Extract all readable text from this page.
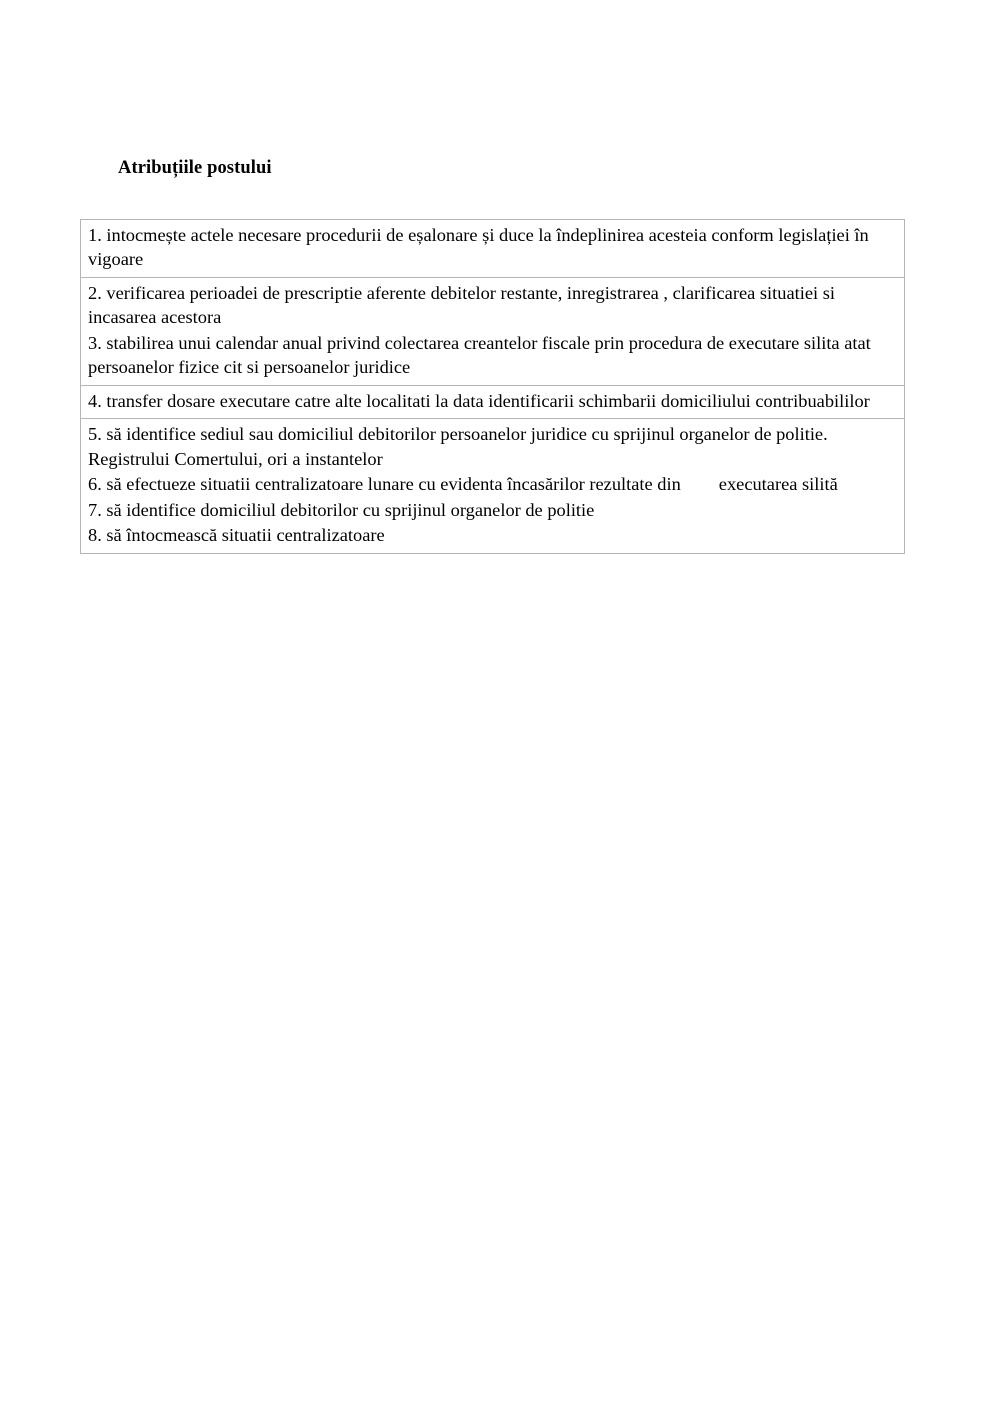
Atribuțiile postului

1. intocmește actele necesare procedurii de eșalonare și duce la îndeplinirea acesteia conform legislației în vigoare

2. verificarea perioadei de prescriptie aferente debitelor restante, inregistrarea , clarificarea situatiei si incasarea acestora

3. stabilirea unui calendar anual privind colectarea creantelor fiscale prin procedura de executare silita atat persoanelor fizice cit si persoanelor juridice

4. transfer dosare executare catre alte localitati la data identificarii schimbarii domiciliului contribuabililor

5. să identifice sediul sau domiciliul debitorilor persoanelor juridice cu sprijinul organelor de politie. Registrului Comertului, ori a instantelor

6. să efectueze situatii centralizatoare lunare cu evidenta încasărilor rezultate din executarea silită

7. să identifice domiciliul debitorilor cu sprijinul organelor de politie

8. să întocmească situatii centralizatoare
